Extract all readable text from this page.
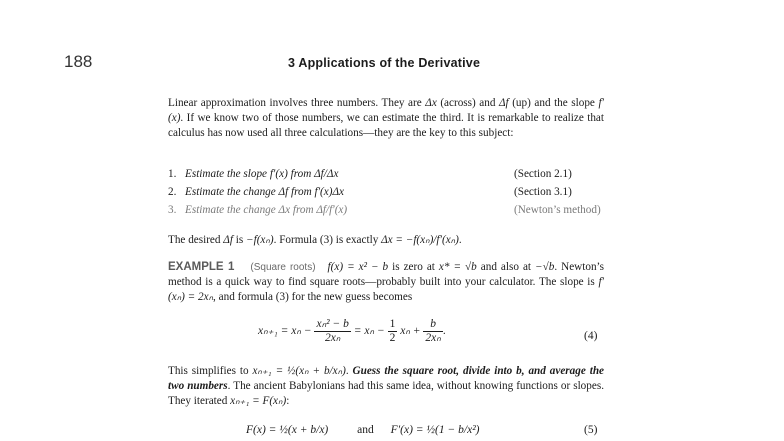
188	3 Applications of the Derivative
Linear approximation involves three numbers. They are Δx (across) and Δf (up) and the slope f′(x). If we know two of those numbers, we can estimate the third. It is remarkable to realize that calculus has now used all three calculations—they are the key to this subject:
1. Estimate the slope f′(x) from Δf/Δx	(Section 2.1)
2. Estimate the change Δf from f′(x)Δx	(Section 3.1)
3. Estimate the change Δx from Δf/f′(x)	(Newton’s method)
The desired Δf is −f(xₙ). Formula (3) is exactly Δx = −f(xₙ)/f′(xₙ).
EXAMPLE 1 (Square roots) f(x) = x² − b is zero at x* = √b and also at −√b. Newton’s method is a quick way to find square roots—probably built into your calculator. The slope is f′(xₙ) = 2xₙ, and formula (3) for the new guess becomes
$x_{n+1} = x_n - \frac{\text{xₙ² − b}}{\text{2xₙ}} = x_n - \frac{1}{2}$ $x_n + \frac{b}{\text{2xₙ}}$ .	(4)
This simplifies to xₙ₊₁ = ½(xₙ + b/xₙ). Guess the square root, divide into b, and average the two numbers. The ancient Babylonians had this same idea, without knowing functions or slopes. They iterated xₙ₊₁ = F(xₙ):
F(x) = ½(x + b/x)	and F′(x) = ½(1 − b/x²)	(5)
